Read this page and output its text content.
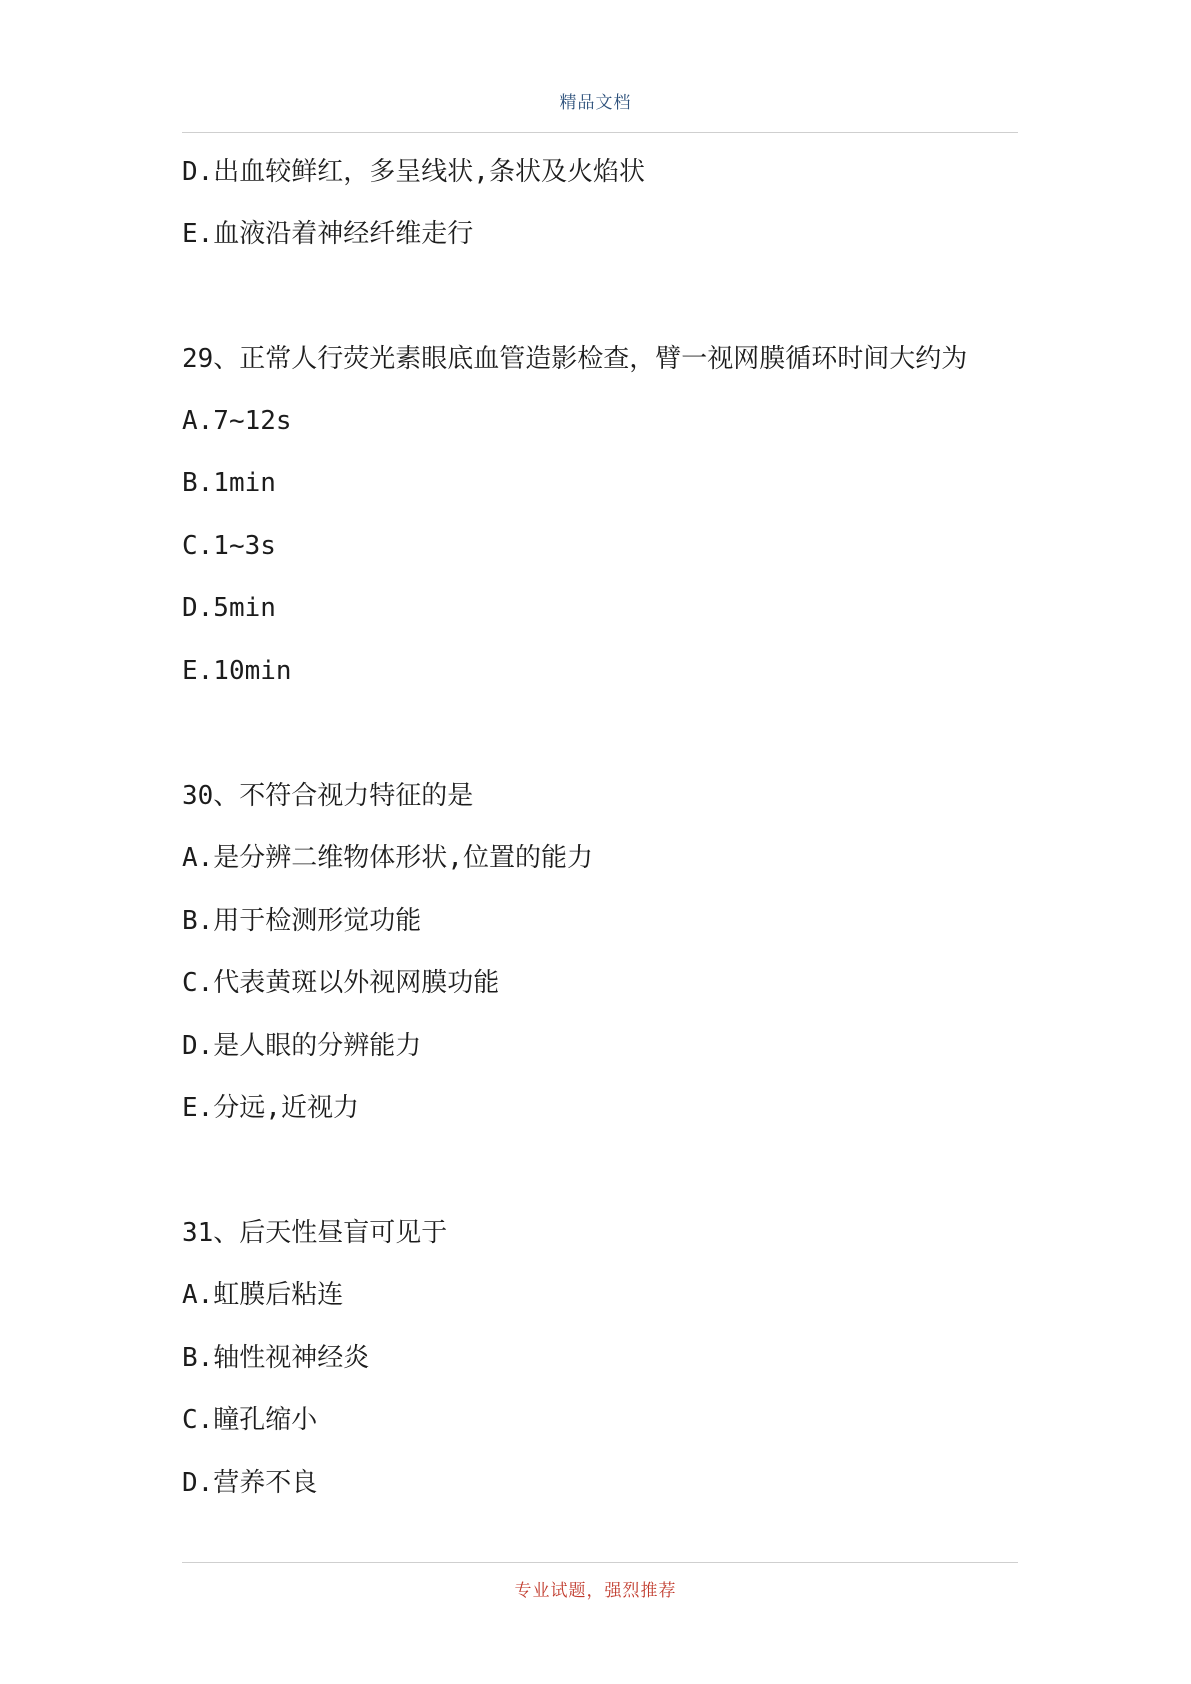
精品文档
D.出血较鲜红，多呈线状,条状及火焰状
E.血液沿着神经纤维走行
29、正常人行荧光素眼底血管造影检查，臂一视网膜循环时间大约为
A.7~12s
B.1min
C.1~3s
D.5min
E.10min
30、不符合视力特征的是
A.是分辨二维物体形状,位置的能力
B.用于检测形觉功能
C.代表黄斑以外视网膜功能
D.是人眼的分辨能力
E.分远,近视力
31、后天性昼盲可见于
A.虹膜后粘连
B.轴性视神经炎
C.瞳孔缩小
D.营养不良
专业试题，强烈推荐
